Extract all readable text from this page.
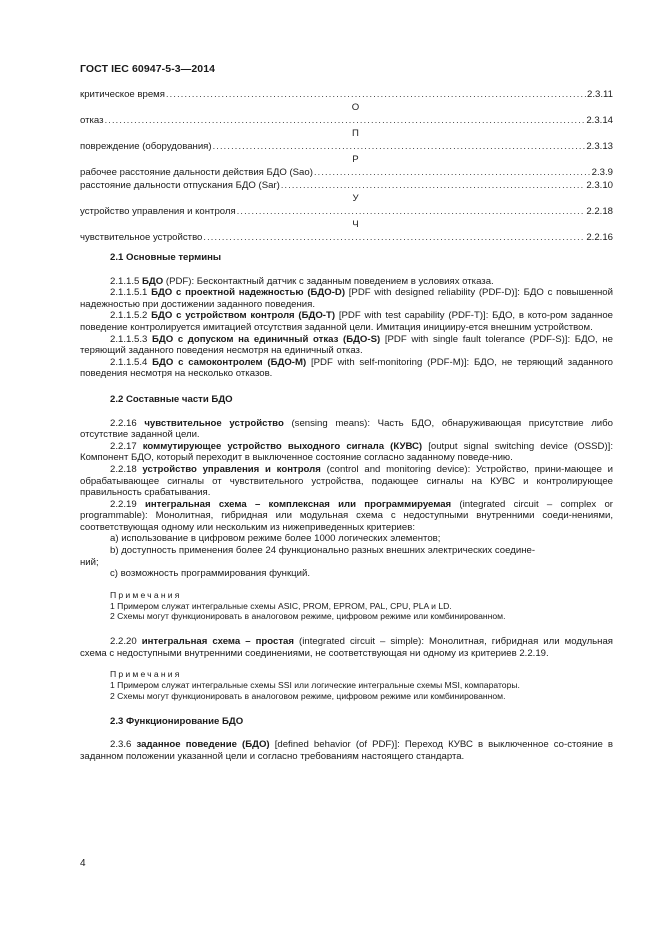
ГОСТ IEC 60947-5-3—2014
критическое время .....	2.3.11
О
отказ .....	2.3.14
П
повреждение (оборудования) .....	2.3.13
Р
рабочее расстояние дальности действия БДО (Sao) .....	2.3.9
расстояние дальности отпускания БДО (Sar) .....	2.3.10
У
устройство управления и контроля .....	2.2.18
Ч
чувствительное устройство .....	2.2.16

2.1 Основные термины

2.1.1.5 БДО (PDF): Бесконтактный датчик с заданным поведением в условиях отказа.

2.1.1.5.1 БДО с проектной надежностью (БДО-D) [PDF with designed reliability (PDF-D)]: БДО с повышенной надежностью при достижении заданного поведения.

2.1.1.5.2 БДО с устройством контроля (БДО-Т) [PDF with test capability (PDF-T)]: БДО, в кото-ром заданное поведение контролируется имитацией отсутствия заданной цели. Имитация иницииру-ется внешним устройством.

2.1.1.5.3 БДО с допуском на единичный отказ (БДО-S) [PDF with single fault tolerance (PDF-S)]: БДО, не теряющий заданного поведения несмотря на единичный отказ.

2.1.1.5.4 БДО с самоконтролем (БДО-М) [PDF with self-monitoring (PDF-M)]: БДО, не теряющий заданного поведения несмотря на несколько отказов.

2.2 Составные части БДО

2.2.16 чувствительное устройство (sensing means): Часть БДО, обнаруживающая присутствие либо отсутствие заданной цели.

2.2.17 коммутирующее устройство выходного сигнала (КУВС) [output signal switching device (OSSD)]: Компонент БДО, который переходит в выключенное состояние согласно заданному поведе-нию.

2.2.18 устройство управления и контроля (control and monitoring device): Устройство, прини-мающее и обрабатывающее сигналы от чувствительного устройства, подающее сигналы на КУВС и контролирующее правильность срабатывания.

2.2.19 интегральная схема – комплексная или программируемая (integrated circuit – complex or programmable): Монолитная, гибридная или модульная схема с недоступными внутренними соеди-нениями, соответствующая одному или нескольким из нижеприведенных критериев:

a) использование в цифровом режиме более 1000 логических элементов;

b) доступность применения более 24 функционально разных внешних электрических соедине-

ний;

c) возможность программирования функций.

Примечания

1 Примером служат интегральные схемы ASIC, PROM, EPROM, PAL, CPU, PLA и LD.

2 Схемы могут функционировать в аналоговом режиме, цифровом режиме или комбинированном.

2.2.20 интегральная схема – простая (integrated circuit – simple): Монолитная, гибридная или модульная схема с недоступными внутренними соединениями, не соответствующая ни одному из критериев 2.2.19.

Примечания

1 Примером служат интегральные схемы SSI или логические интегральные схемы MSI, компараторы.

2 Схемы могут функционировать в аналоговом режиме, цифровом режиме или комбинированном.

2.3 Функционирование БДО

2.3.6 заданное поведение (БДО) [defined behavior (of PDF)]: Переход КУВС в выключенное со-стояние в заданном положении указанной цели и согласно требованиям настоящего стандарта.

4
